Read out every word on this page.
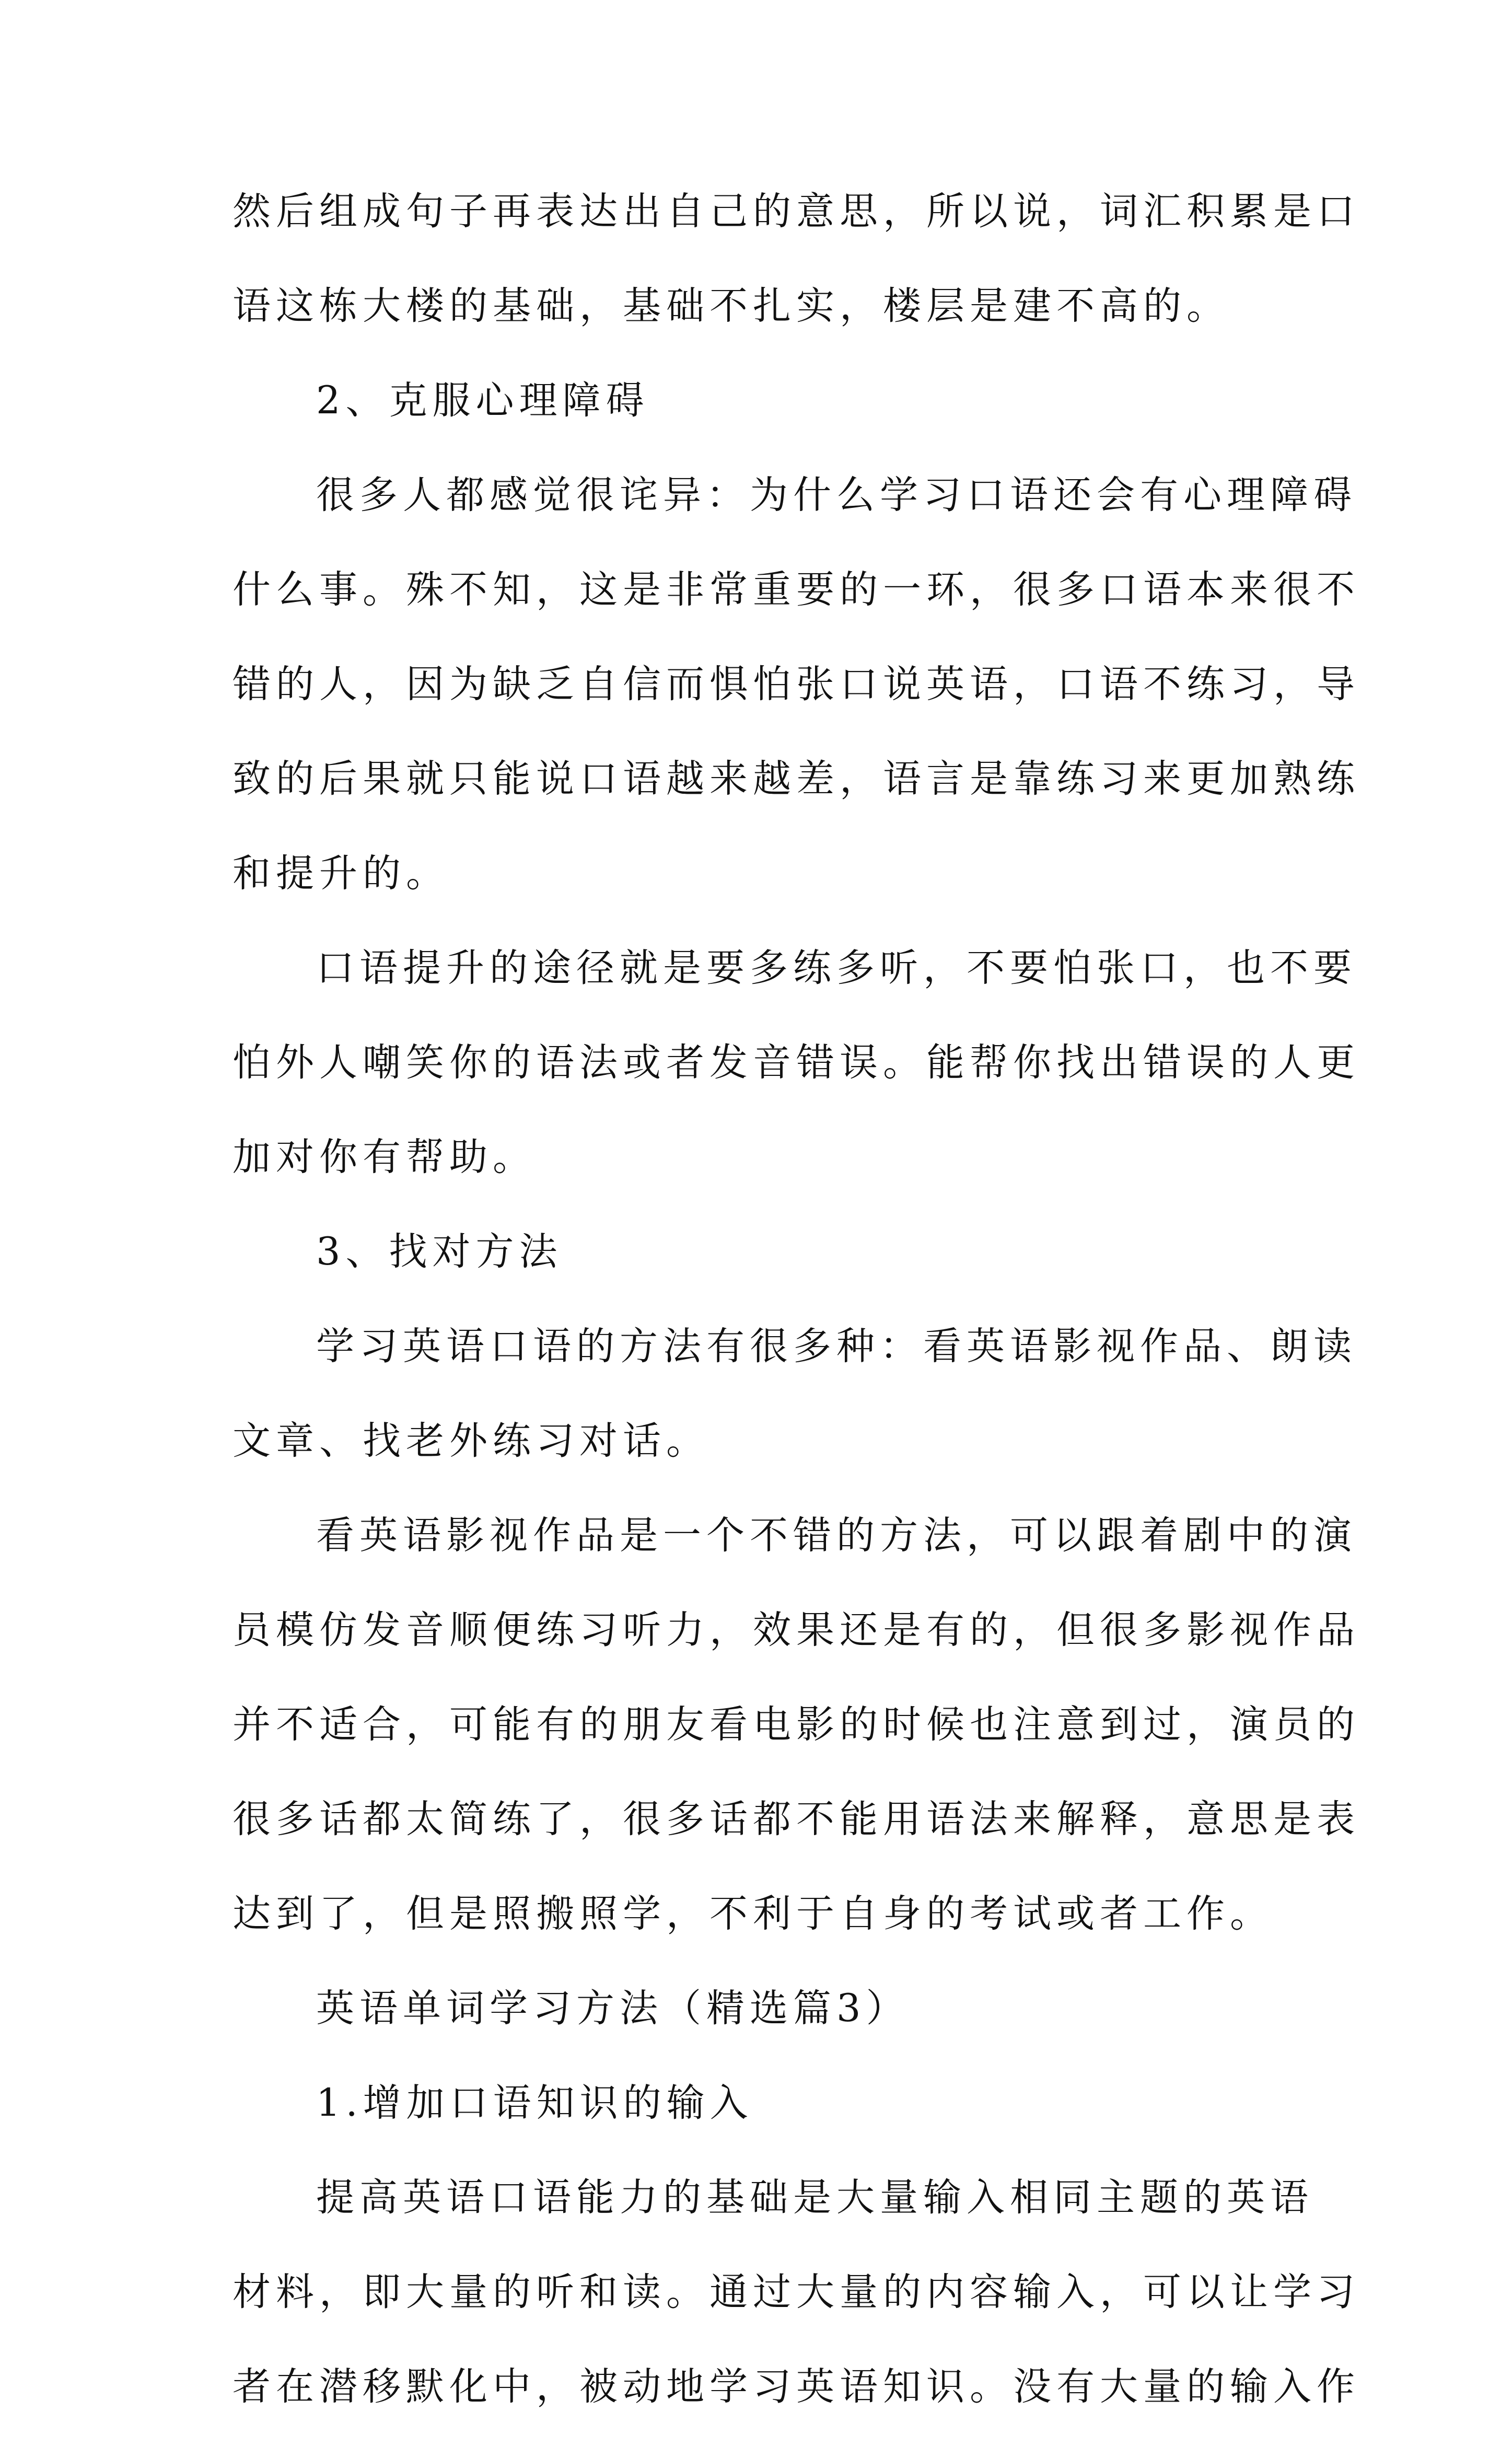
然后组成句子再表达出自己的意思，所以说，词汇积累是口
语这栋大楼的基础，基础不扎实，楼层是建不高的。
2、克服心理障碍
很多人都感觉很诧异：为什么学习口语还会有心理障碍
什么事。殊不知，这是非常重要的一环，很多口语本来很不
错的人，因为缺乏自信而惧怕张口说英语，口语不练习，导
致的后果就只能说口语越来越差，语言是靠练习来更加熟练
和提升的。
口语提升的途径就是要多练多听，不要怕张口，也不要
怕外人嘲笑你的语法或者发音错误。能帮你找出错误的人更
加对你有帮助。
3、找对方法
学习英语口语的方法有很多种：看英语影视作品、朗读
文章、找老外练习对话。
看英语影视作品是一个不错的方法，可以跟着剧中的演
员模仿发音顺便练习听力，效果还是有的，但很多影视作品
并不适合，可能有的朋友看电影的时候也注意到过，演员的
很多话都太简练了，很多话都不能用语法来解释，意思是表
达到了，但是照搬照学，不利于自身的考试或者工作。
英语单词学习方法（精选篇3）
1.增加口语知识的输入
提高英语口语能力的基础是大量输入相同主题的英语
材料，即大量的听和读。通过大量的内容输入，可以让学习
者在潜移默化中，被动地学习英语知识。没有大量的输入作
